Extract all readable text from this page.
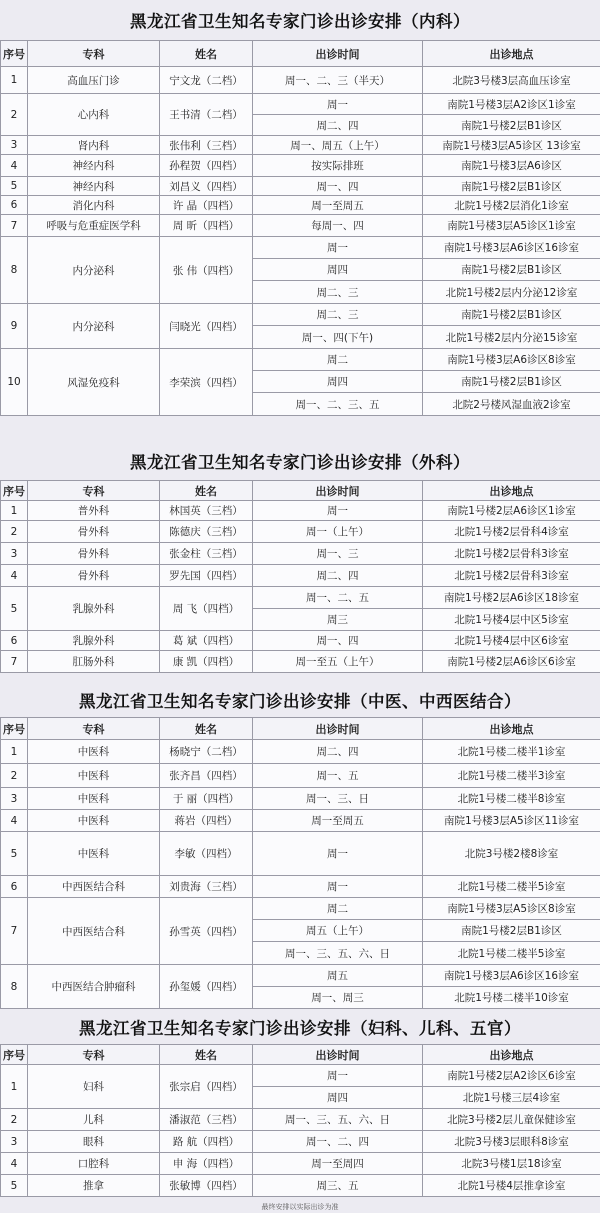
黑龙江省卫生知名专家门诊出诊安排（内科）
序号	专科	姓名	出诊时间	出诊地点
1	高血压门诊	宁文龙（二档）	周一、二、三（半天）	北院3号楼3层高血压诊室
2	心内科	王书清（二档）	周一	南院1号楼3层A2诊区1诊室
			周二、四	南院1号楼2层B1诊区
3	肾内科	张伟利（三档）	周一、周五（上午）	南院1号楼3层A5诊区 13诊室
4	神经内科	孙程贺（四档）	按实际排班	南院1号楼3层A6诊区
5	神经内科	刘昌义（四档）	周一、四	南院1号楼2层B1诊区
6	消化内科	许 晶（四档）	周一至周五	北院1号楼2层消化1诊室
7	呼吸与危重症医学科	周 昕（四档）	每周一、四	南院1号楼3层A5诊区1诊室
8	内分泌科	张 伟（四档）	周一	南院1号楼3层A6诊区16诊室
			周四	南院1号楼2层B1诊区
			周二、三	北院1号楼2层内分泌12诊室
9	内分泌科	闫晓光（四档）	周二、三	南院1号楼2层B1诊区
			周一、四(下午)	北院1号楼2层内分泌15诊室
10	风湿免疫科	李荣滨（四档）	周二	南院1号楼3层A6诊区8诊室
			周四	南院1号楼2层B1诊区
			周一、二、三、五	北院2号楼风湿血液2诊室
黑龙江省卫生知名专家门诊出诊安排（外科）
序号	专科	姓名	出诊时间	出诊地点
1	普外科	林国英（三档）	周一	南院1号楼2层A6诊区1诊室
2	骨外科	陈德庆（三档）	周一（上午）	北院1号楼2层骨科4诊室
3	骨外科	张金柱（三档）	周一、三	北院1号楼2层骨科3诊室
4	骨外科	罗先国（四档）	周二、四	北院1号楼2层骨科3诊室
5	乳腺外科	周 飞（四档）	周一、二、五	南院1号楼2层A6诊区18诊室
			周三	北院1号楼4层中区5诊室
6	乳腺外科	葛 斌（四档）	周一、四	北院1号楼4层中区6诊室
7	肛肠外科	康 凯（四档）	周一至五（上午）	南院1号楼2层A6诊区6诊室
黑龙江省卫生知名专家门诊出诊安排（中医、中西医结合）
序号	专科	姓名	出诊时间	出诊地点
1	中医科	杨晓宁（二档）	周二、四	北院1号楼二楼半1诊室
2	中医科	张齐昌（四档）	周一、五	北院1号楼二楼半3诊室
3	中医科	于 丽（四档）	周一、三、日	北院1号楼二楼半8诊室
4	中医科	蒋岩（四档）	周一至周五	南院1号楼3层A5诊区11诊室
5	中医科	李敏（四档）	周一	北院3号楼2楼8诊室
6	中西医结合科	刘贵海（三档）	周一	北院1号楼二楼半5诊室
7	中西医结合科	孙雪英（四档）	周二	南院1号楼3层A5诊区8诊室
			周五（上午）	南院1号楼2层B1诊区
			周一、三、五、六、日	北院1号楼二楼半5诊室
8	中西医结合肿瘤科	孙玺媛（四档）	周五	南院1号楼3层A6诊区16诊室
			周一、周三	北院1号楼二楼半10诊室
黑龙江省卫生知名专家门诊出诊安排（妇科、儿科、五官）
序号	专科	姓名	出诊时间	出诊地点
1	妇科	张宗启（四档）	周一	南院1号楼2层A2诊区6诊室
			周四	北院1号楼三层4诊室
2	儿科	潘淑范（三档）	周一、三、五、六、日	北院3号楼2层儿童保健诊室
3	眼科	路 航（四档）	周一、二、四	北院3号楼3层眼科8诊室
4	口腔科	申 海（四档）	周一至周四	北院3号楼1层18诊室
5	推拿	张敏博（四档）	周三、五	北院1号楼4层推拿诊室
最终安排以实际出诊为准
